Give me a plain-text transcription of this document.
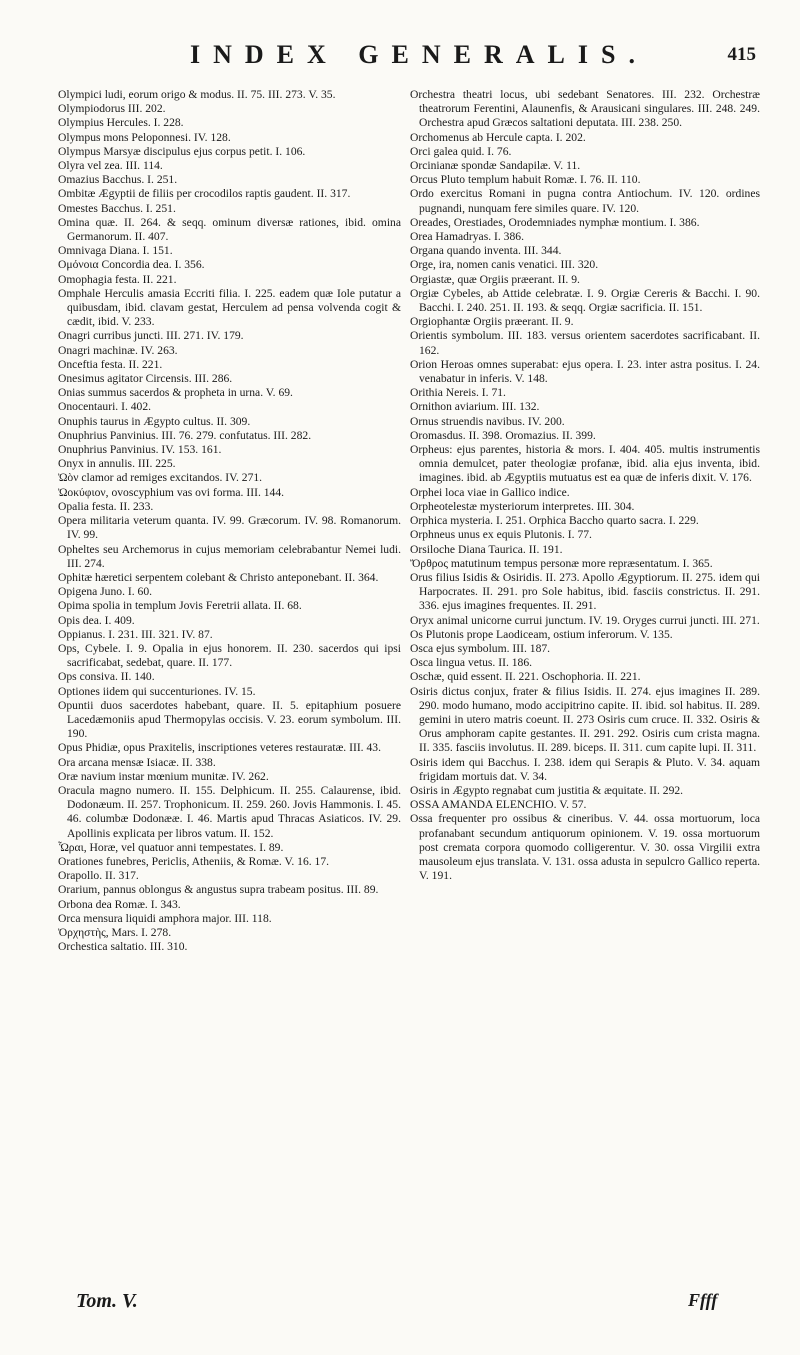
INDEX GENERALIS.	415

Olympici ludi, eorum origo & modus. II. 75. III. 273. V. 35.

Olympiodorus III. 202.

Olympius Hercules. I. 228.

Olympus mons Peloponnesi. IV. 128.

Olympus Marsyæ discipulus ejus corpus petit. I. 106.

Olyra vel zea. III. 114.

Omazius Bacchus. I. 251.

Ombitæ Ægyptii de filiis per crocodilos raptis gaudent. II. 317.

Omestes Bacchus. I. 251.

Omina quæ. II. 264. & seqq. ominum diversæ rationes, ibid. omina Germanorum. II. 407.

Omnivaga Diana. I. 151.

Ομόνοια Concordia dea. I. 356.

Omophagia festa. II. 221.

Omphale Herculis amasia Eccriti filia. I. 225. eadem quæ Iole putatur a quibusdam, ibid. clavam gestat, Herculem ad pensa volvenda cogit & cædit, ibid. V. 233.

Onagri curribus juncti. III. 271. IV. 179.

Onagri machinæ. IV. 263.

Onceftia festa. II. 221.

Onesimus agitator Circensis. III. 286.

Onias summus sacerdos & propheta in urna. V. 69.

Onocentauri. I. 402.

Onuphis taurus in Ægypto cultus. II. 309.

Onuphrius Panvinius. III. 76. 279. confutatus. III. 282.

Onuphrius Panvinius. IV. 153. 161.

Onyx in annulis. III. 225.

Ὠὸν clamor ad remiges excitandos. IV. 271.

Ὠοκύφιον, ovoscyphium vas ovi forma. III. 144.

Opalia festa. II. 233.

Opera militaria veterum quanta. IV. 99. Græcorum. IV. 98. Romanorum. IV. 99.

Opheltes seu Archemorus in cujus memoriam celebrabantur Nemei ludi. III. 274.

Ophitæ hæretici serpentem colebant & Christo anteponebant. II. 364.

Opigena Juno. I. 60.

Opima spolia in templum Jovis Feretrii allata. II. 68.

Opis dea. I. 409.

Oppianus. I. 231. III. 321. IV. 87.

Ops, Cybele. I. 9. Opalia in ejus honorem. II. 230. sacerdos qui ipsi sacrificabat, sedebat, quare. II. 177.

Ops consiva. II. 140.

Optiones iidem qui succenturiones. IV. 15.

Opuntii duos sacerdotes habebant, quare. II. 5. epitaphium posuere Lacedæmoniis apud Thermopylas occisis. V. 23. eorum symbolum. III. 190.

Opus Phidiæ, opus Praxitelis, inscriptiones veteres restauratæ. III. 43.

Ora arcana mensæ Isiacæ. II. 338.

Oræ navium instar mœnium munitæ. IV. 262.

Oracula magno numero. II. 155. Delphicum. II. 255. Calaurense, ibid. Dodonæum. II. 257. Trophonicum. II. 259. 260. Jovis Hammonis. I. 45. 46. columbæ Dodonææ. I. 46. Martis apud Thracas Asiaticos. IV. 29. Apollinis explicata per libros vatum. II. 152.

Ὧραι, Horæ, vel quatuor anni tempestates. I. 89.

Orationes funebres, Periclis, Atheniis, & Romæ. V. 16. 17.

Orapollo. II. 317.

Orarium, pannus oblongus & angustus supra trabeam positus. III. 89.

Orbona dea Romæ. I. 343.

Orca mensura liquidi amphora major. III. 118.

Ὀρχηστὴς, Mars. I. 278.

Orchestica saltatio. III. 310.

Orchestra theatri locus, ubi sedebant Senatores. III. 232. Orchestræ theatrorum Ferentini, Alaunenfis, & Arausicani singulares. III. 248. 249. Orchestra apud Græcos saltationi deputata. III. 238. 250.

Orchomenus ab Hercule capta. I. 202.

Orci galea quid. I. 76.

Orcinianæ spondæ Sandapilæ. V. 11.

Orcus Pluto templum habuit Romæ. I. 76. II. 110.

Ordo exercitus Romani in pugna contra Antiochum. IV. 120. ordines pugnandi, nunquam fere similes quare. IV. 120.

Oreades, Orestiades, Orodemniades nymphæ montium. I. 386.

Orea Hamadryas. I. 386.

Organa quando inventa. III. 344.

Orge, ira, nomen canis venatici. III. 320.

Orgiastæ, quæ Orgiis præerant. II. 9.

Orgiæ Cybeles, ab Attide celebratæ. I. 9. Orgiæ Cereris & Bacchi. I. 90. Bacchi. I. 240. 251. II. 193. & seqq. Orgiæ sacrificia. II. 151.

Orgiophantæ Orgiis præerant. II. 9.

Orientis symbolum. III. 183. versus orientem sacerdotes sacrificabant. II. 162.

Orion Heroas omnes superabat: ejus opera. I. 23. inter astra positus. I. 24. venabatur in inferis. V. 148.

Orithia Nereis. I. 71.

Ornithon aviarium. III. 132.

Ornus struendis navibus. IV. 200.

Oromasdus. II. 398. Oromazius. II. 399.

Orpheus: ejus parentes, historia & mors. I. 404. 405. multis instrumentis omnia demulcet, pater theologiæ profanæ, ibid. alia ejus inventa, ibid. imagines. ibid. ab Ægyptiis mutuatus est ea quæ de inferis dixit. V. 176.

Orphei loca viae in Gallico indice.

Orpheotelestæ mysteriorum interpretes. III. 304.

Orphica mysteria. I. 251. Orphica Baccho quarto sacra. I. 229.

Orphneus unus ex equis Plutonis. I. 77.

Orsiloche Diana Taurica. II. 191.

Ὄρθρος matutinum tempus personæ more repræsentatum. I. 365.

Orus filius Isidis & Osiridis. II. 273. Apollo Ægyptiorum. II. 275. idem qui Harpocrates. II. 291. pro Sole habitus, ibid. fasciis constrictus. II. 291. 336. ejus imagines frequentes. II. 291.

Oryx animal unicorne currui junctum. IV. 19. Oryges currui juncti. III. 271.

Os Plutonis prope Laodiceam, ostium inferorum. V. 135.

Osca ejus symbolum. III. 187.

Osca lingua vetus. II. 186.

Oschæ, quid essent. II. 221. Oschophoria. II. 221.

Osiris dictus conjux, frater & filius Isidis. II. 274. ejus imagines II. 289. 290. modo humano, modo accipitrino capite. II. ibid. sol habitus. II. 289. gemini in utero matris coeunt. II. 273 Osiris cum cruce. II. 332. Osiris & Orus amphoram capite gestantes. II. 291. 292. Osiris cum crista magna. II. 335. fasciis involutus. II. 289. biceps. II. 311. cum capite lupi. II. 311.

Osiris idem qui Bacchus. I. 238. idem qui Serapis & Pluto. V. 34. aquam frigidam mortuis dat. V. 34.

Osiris in Ægypto regnabat cum justitia & æquitate. II. 292.

OSSA AMANDA ELENCHIO. V. 57.

Ossa frequenter pro ossibus & cineribus. V. 44. ossa mortuorum, loca profanabant secundum antiquorum opinionem. V. 19. ossa mortuorum post cremata corpora quomodo colligerentur. V. 30. ossa Virgilii extra mausoleum ejus translata. V. 131. ossa adusta in sepulcro Gallico reperta. V. 191.

Tom. V.	Ffff
